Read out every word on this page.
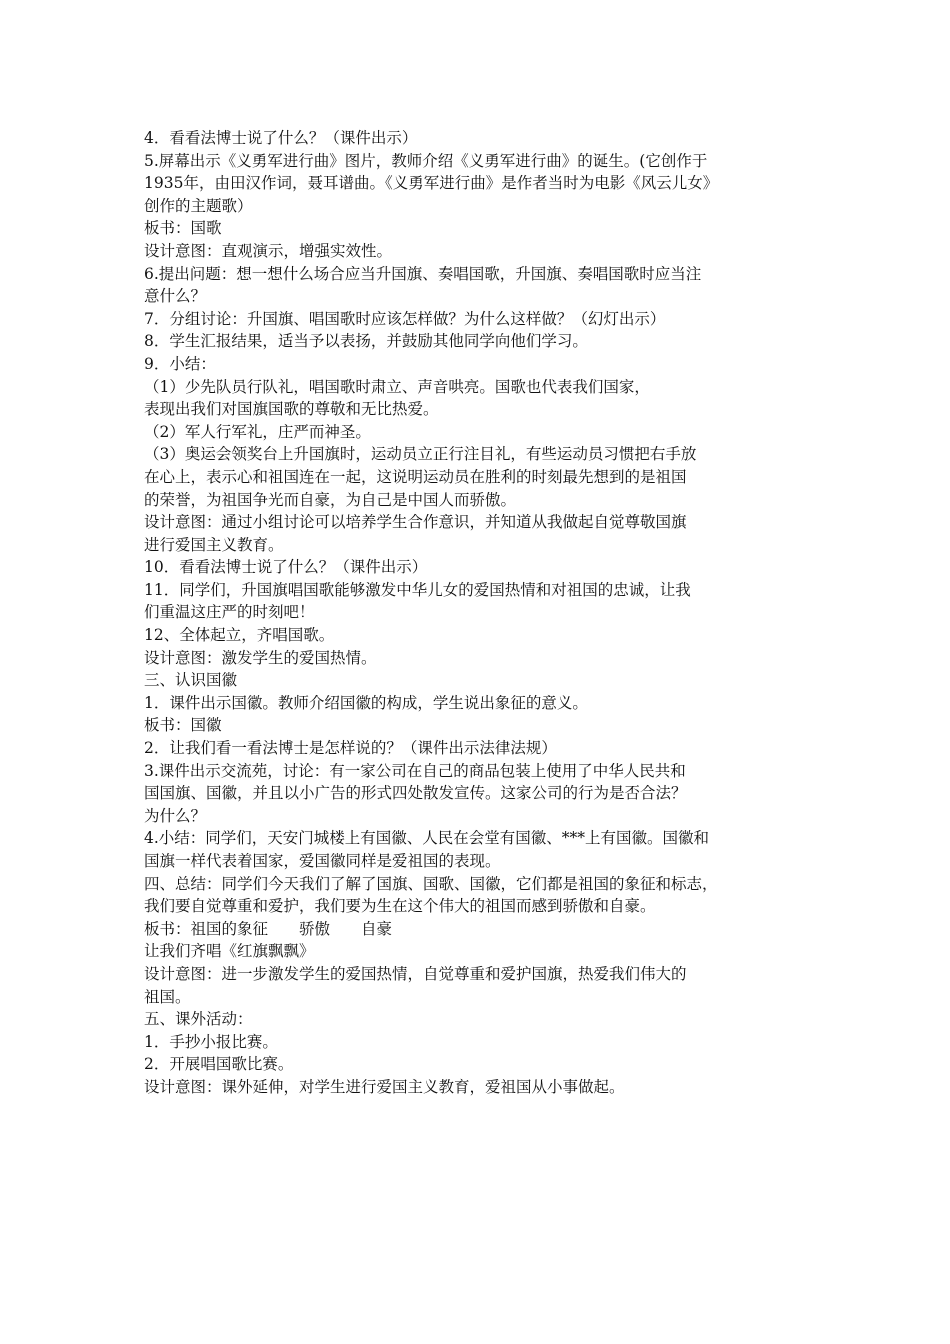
4．看看法博士说了什么？（课件出示）
5.屏幕出示《义勇军进行曲》图片，教师介绍《义勇军进行曲》的诞生。(它创作于
1935年，由田汉作词，聂耳谱曲。《义勇军进行曲》是作者当时为电影《风云儿女》
创作的主题歌）
板书：国歌
设计意图：直观演示，增强实效性。
6.提出问题：想一想什么场合应当升国旗、奏唱国歌，升国旗、奏唱国歌时应当注
意什么？
7．分组讨论：升国旗、唱国歌时应该怎样做？为什么这样做？（幻灯出示）
8．学生汇报结果，适当予以表扬，并鼓励其他同学向他们学习。
9．小结：
（1）少先队员行队礼，唱国歌时肃立、声音哄亮。国歌也代表我们国家，
表现出我们对国旗国歌的尊敬和无比热爱。
（2）军人行军礼，庄严而神圣。
（3）奥运会领奖台上升国旗时，运动员立正行注目礼，有些运动员习惯把右手放
在心上，表示心和祖国连在一起，这说明运动员在胜利的时刻最先想到的是祖国
的荣誉，为祖国争光而自豪，为自己是中国人而骄傲。
设计意图：通过小组讨论可以培养学生合作意识，并知道从我做起自觉尊敬国旗
进行爱国主义教育。
10．看看法博士说了什么？（课件出示）
11．同学们，升国旗唱国歌能够激发中华儿女的爱国热情和对祖国的忠诚，让我
们重温这庄严的时刻吧！
12、全体起立，齐唱国歌。
设计意图：激发学生的爱国热情。
三、认识国徽
1．课件出示国徽。教师介绍国徽的构成，学生说出象征的意义。
板书：国徽
2．让我们看一看法博士是怎样说的？（课件出示法律法规）
3.课件出示交流苑，讨论：有一家公司在自己的商品包装上使用了中华人民共和
国国旗、国徽，并且以小广告的形式四处散发宣传。这家公司的行为是否合法？
为什么？
4.小结：同学们，天安门城楼上有国徽、人民在会堂有国徽、***上有国徽。国徽和
国旗一样代表着国家，爱国徽同样是爱祖国的表现。
四、总结：同学们今天我们了解了国旗、国歌、国徽，它们都是祖国的象征和标志，
我们要自觉尊重和爱护，我们要为生在这个伟大的祖国而感到骄傲和自豪。
板书：祖国的象征　　骄傲　　自豪
让我们齐唱《红旗飘飘》
设计意图：进一步激发学生的爱国热情，自觉尊重和爱护国旗，热爱我们伟大的
祖国。
五、课外活动：
1．手抄小报比赛。
2．开展唱国歌比赛。
设计意图：课外延伸，对学生进行爱国主义教育，爱祖国从小事做起。
